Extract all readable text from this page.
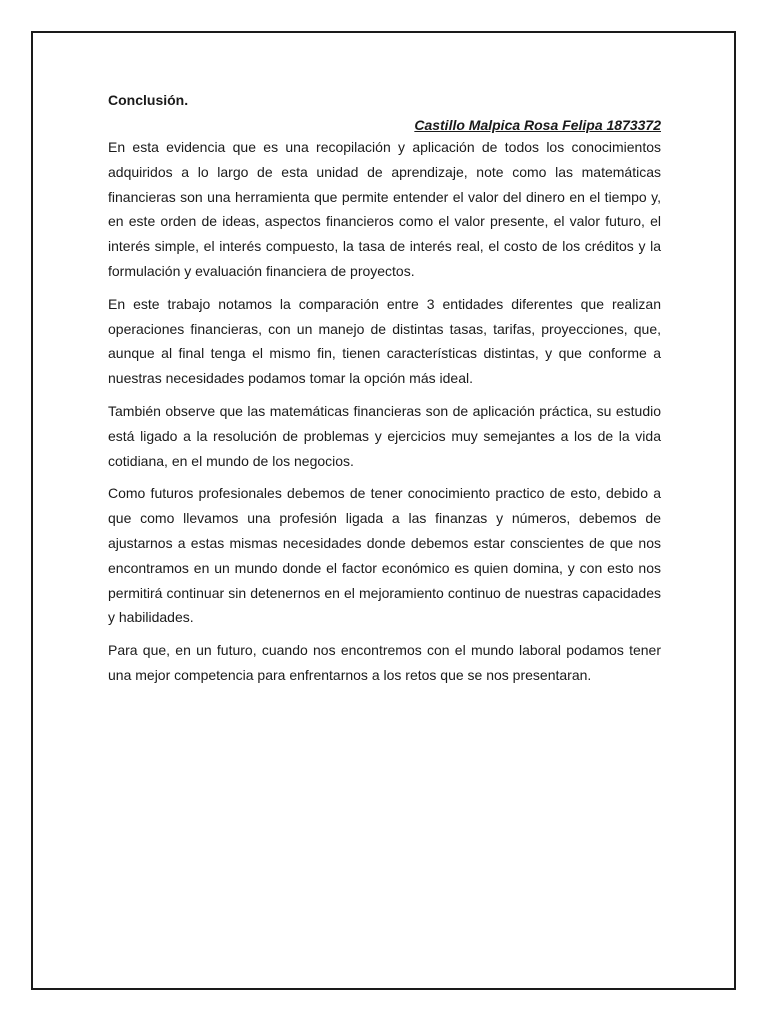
Conclusión.

Castillo Malpica Rosa Felipa 1873372

En esta evidencia que es una recopilación y aplicación de todos los conocimientos adquiridos a lo largo de esta unidad de aprendizaje, note como las matemáticas financieras son una herramienta que permite entender el valor del dinero en el tiempo y, en este orden de ideas, aspectos financieros como el valor presente, el valor futuro, el interés simple, el interés compuesto, la tasa de interés real, el costo de los créditos y la formulación y evaluación financiera de proyectos.

En este trabajo notamos la comparación entre 3 entidades diferentes que realizan operaciones financieras, con un manejo de distintas tasas, tarifas, proyecciones, que, aunque al final tenga el mismo fin, tienen características distintas, y que conforme a nuestras necesidades podamos tomar la opción más ideal.

También observe que las matemáticas financieras son de aplicación práctica, su estudio está ligado a la resolución de problemas y ejercicios muy semejantes a los de la vida cotidiana, en el mundo de los negocios.

Como futuros profesionales debemos de tener conocimiento practico de esto, debido a que como llevamos una profesión ligada a las finanzas y números, debemos de ajustarnos a estas mismas necesidades donde debemos estar conscientes de que nos encontramos en un mundo donde el factor económico es quien domina, y con esto nos permitirá continuar sin detenernos en el mejoramiento continuo de nuestras capacidades y habilidades.

Para que, en un futuro, cuando nos encontremos con el mundo laboral podamos tener una mejor competencia para enfrentarnos a los retos que se nos presentaran.
